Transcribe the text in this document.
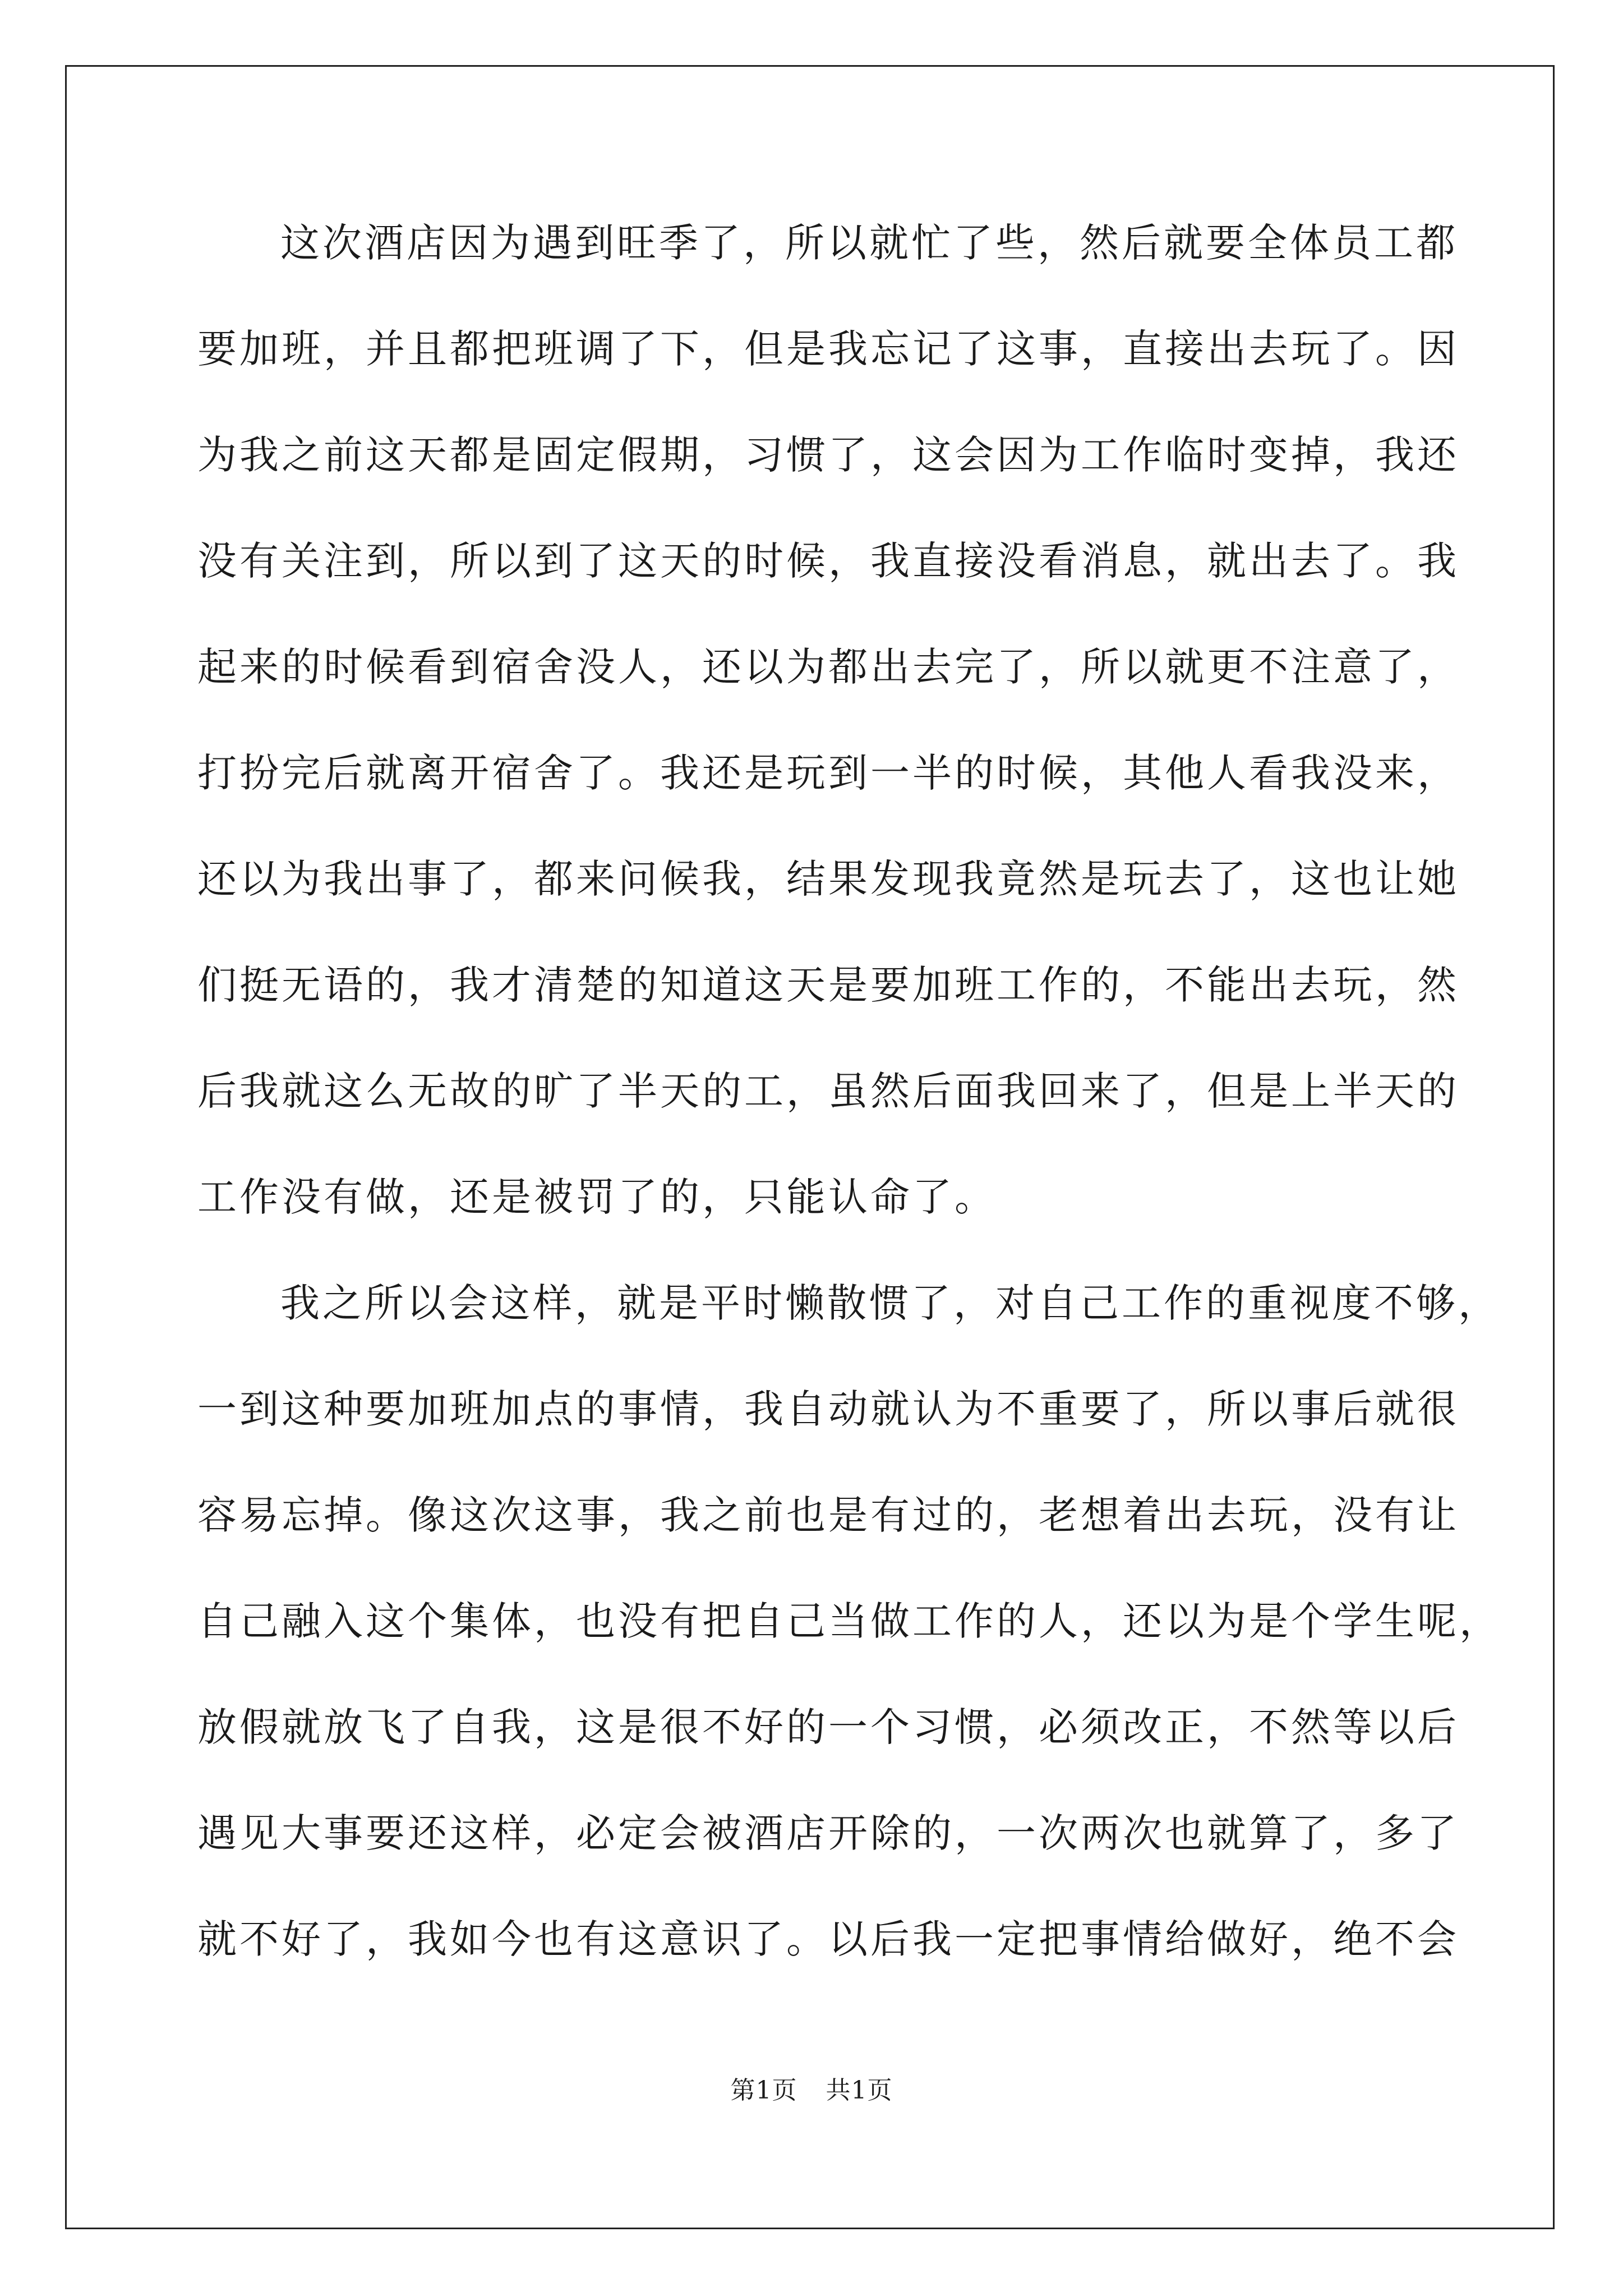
这次酒店因为遇到旺季了，所以就忙了些，然后就要全体员工都
要加班，并且都把班调了下，但是我忘记了这事，直接出去玩了。因
为我之前这天都是固定假期，习惯了，这会因为工作临时变掉，我还
没有关注到，所以到了这天的时候，我直接没看消息，就出去了。我
起来的时候看到宿舍没人，还以为都出去完了，所以就更不注意了，
打扮完后就离开宿舍了。我还是玩到一半的时候，其他人看我没来，
还以为我出事了，都来问候我，结果发现我竟然是玩去了，这也让她
们挺无语的，我才清楚的知道这天是要加班工作的，不能出去玩，然
后我就这么无故的旷了半天的工，虽然后面我回来了，但是上半天的
工作没有做，还是被罚了的，只能认命了。
我之所以会这样，就是平时懒散惯了，对自己工作的重视度不够，
一到这种要加班加点的事情，我自动就认为不重要了，所以事后就很
容易忘掉。像这次这事，我之前也是有过的，老想着出去玩，没有让
自己融入这个集体，也没有把自己当做工作的人，还以为是个学生呢，
放假就放飞了自我，这是很不好的一个习惯，必须改正，不然等以后
遇见大事要还这样，必定会被酒店开除的，一次两次也就算了，多了
就不好了，我如今也有这意识了。以后我一定把事情给做好，绝不会
第1页 共1页
